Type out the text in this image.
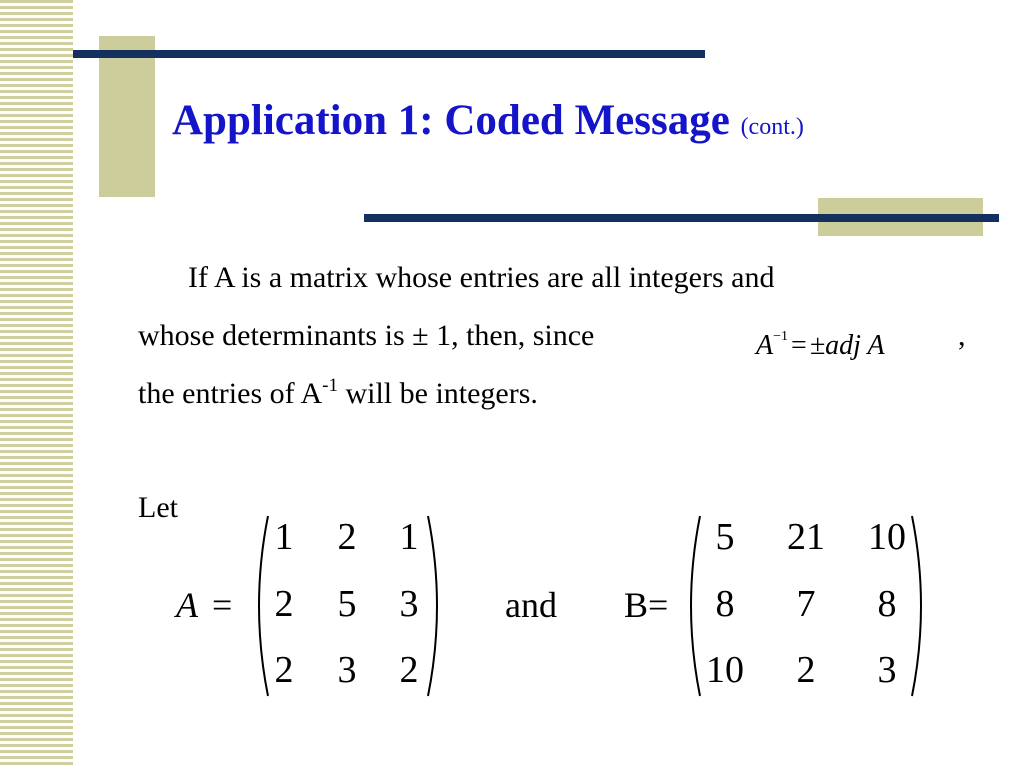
Application 1: Coded Message (cont.)
If A is a matrix whose entries are all integers and
whose determinants is ± 1, then, since	$A^{-1} = \pm adj$ A ,
the entries of $A^{-1}$ will be integers.
Let
A =
1	2	1
2	5	3
2	3	2
and B=
5	21 10
8	7	8
10	2	3
